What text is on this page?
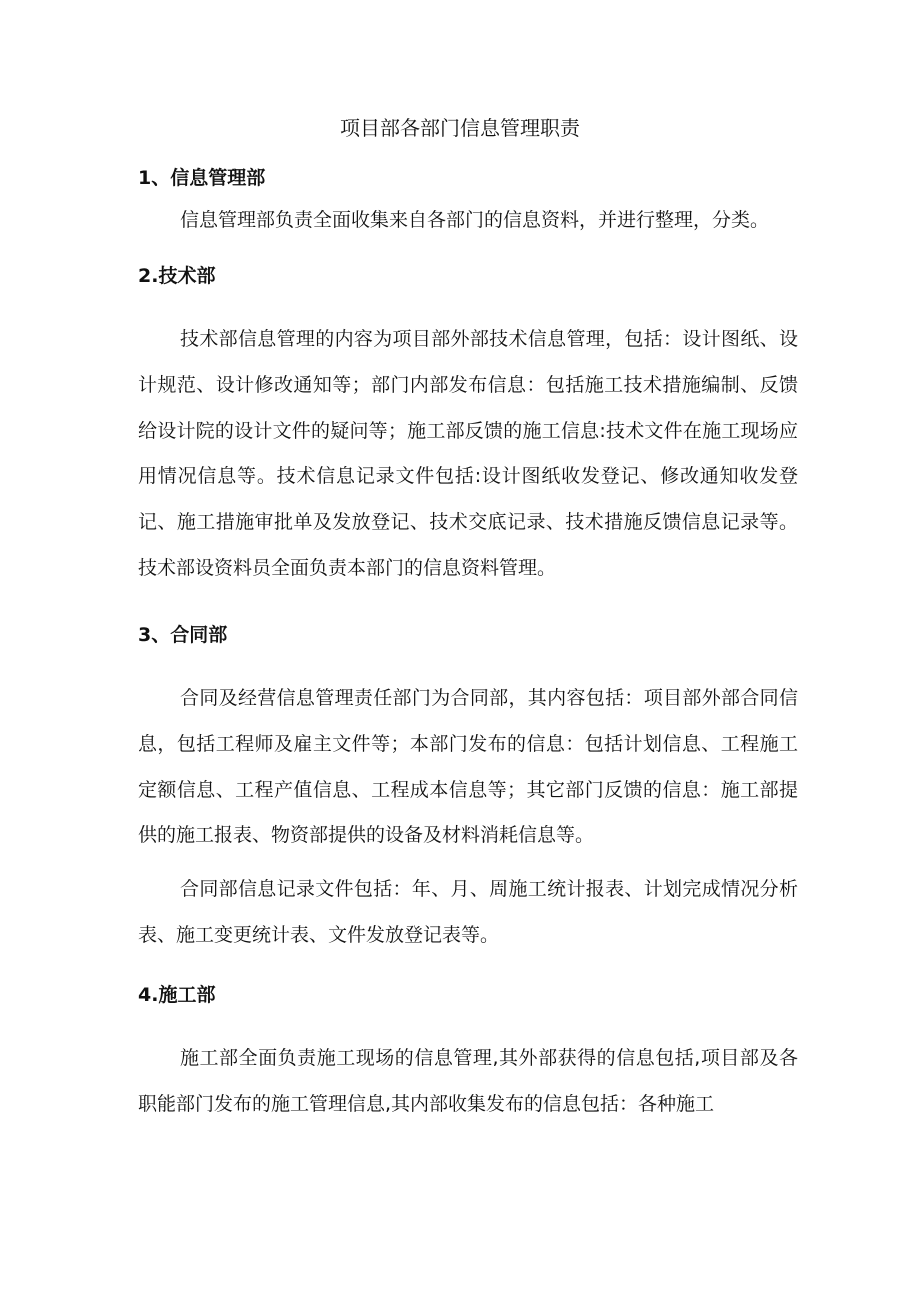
项目部各部门信息管理职责
1、信息管理部

信息管理部负责全面收集来自各部门的信息资料，并进行整理，分类。

2.技术部

技术部信息管理的内容为项目部外部技术信息管理，包括：设计图纸、设计规范、设计修改通知等；部门内部发布信息：包括施工技术措施编制、反馈给设计院的设计文件的疑问等；施工部反馈的施工信息:技术文件在施工现场应用情况信息等。技术信息记录文件包括:设计图纸收发登记、修改通知收发登记、施工措施审批单及发放登记、技术交底记录、技术措施反馈信息记录等。技术部设资料员全面负责本部门的信息资料管理。

3、合同部

合同及经营信息管理责任部门为合同部，其内容包括：项目部外部合同信息，包括工程师及雇主文件等；本部门发布的信息：包括计划信息、工程施工定额信息、工程产值信息、工程成本信息等；其它部门反馈的信息：施工部提供的施工报表、物资部提供的设备及材料消耗信息等。

合同部信息记录文件包括：年、月、周施工统计报表、计划完成情况分析表、施工变更统计表、文件发放登记表等。

4.施工部

施工部全面负责施工现场的信息管理,其外部获得的信息包括,项目部及各职能部门发布的施工管理信息,其内部收集发布的信息包括：各种施工
